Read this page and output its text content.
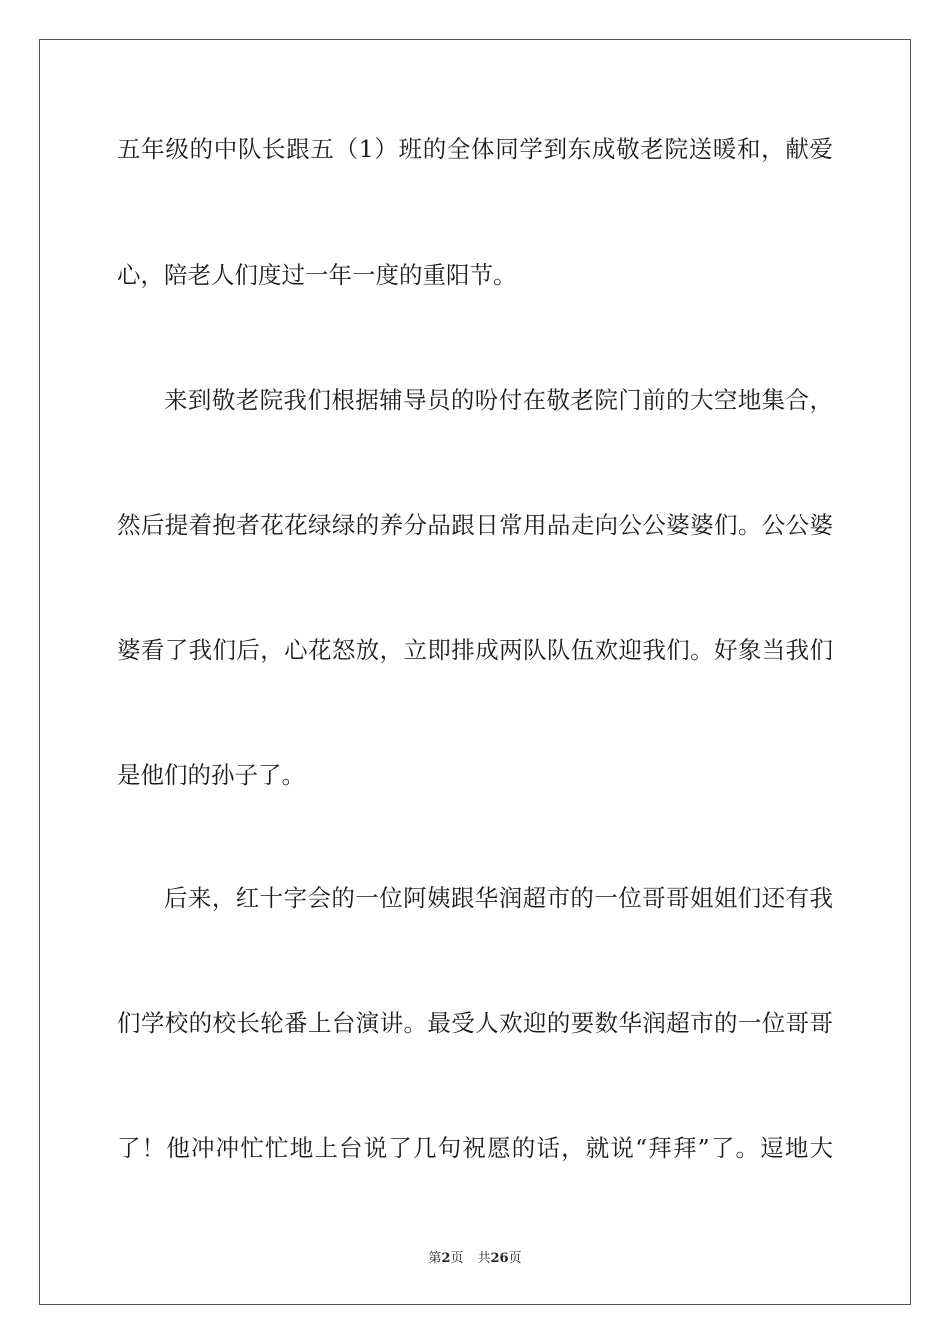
五年级的中队长跟五（1）班的全体同学到东成敬老院送暖和，献爱
心，陪老人们度过一年一度的重阳节。
来到敬老院我们根据辅导员的吩付在敬老院门前的大空地集合，
然后提着抱者花花绿绿的养分品跟日常用品走向公公婆婆们。公公婆
婆看了我们后，心花怒放，立即排成两队队伍欢迎我们。好象当我们
是他们的孙子了。
后来，红十字会的一位阿姨跟华润超市的一位哥哥姐姐们还有我
们学校的校长轮番上台演讲。最受人欢迎的要数华润超市的一位哥哥
了！他冲冲忙忙地上台说了几句祝愿的话，就说“拜拜”了。逗地大
第2页 共26页
